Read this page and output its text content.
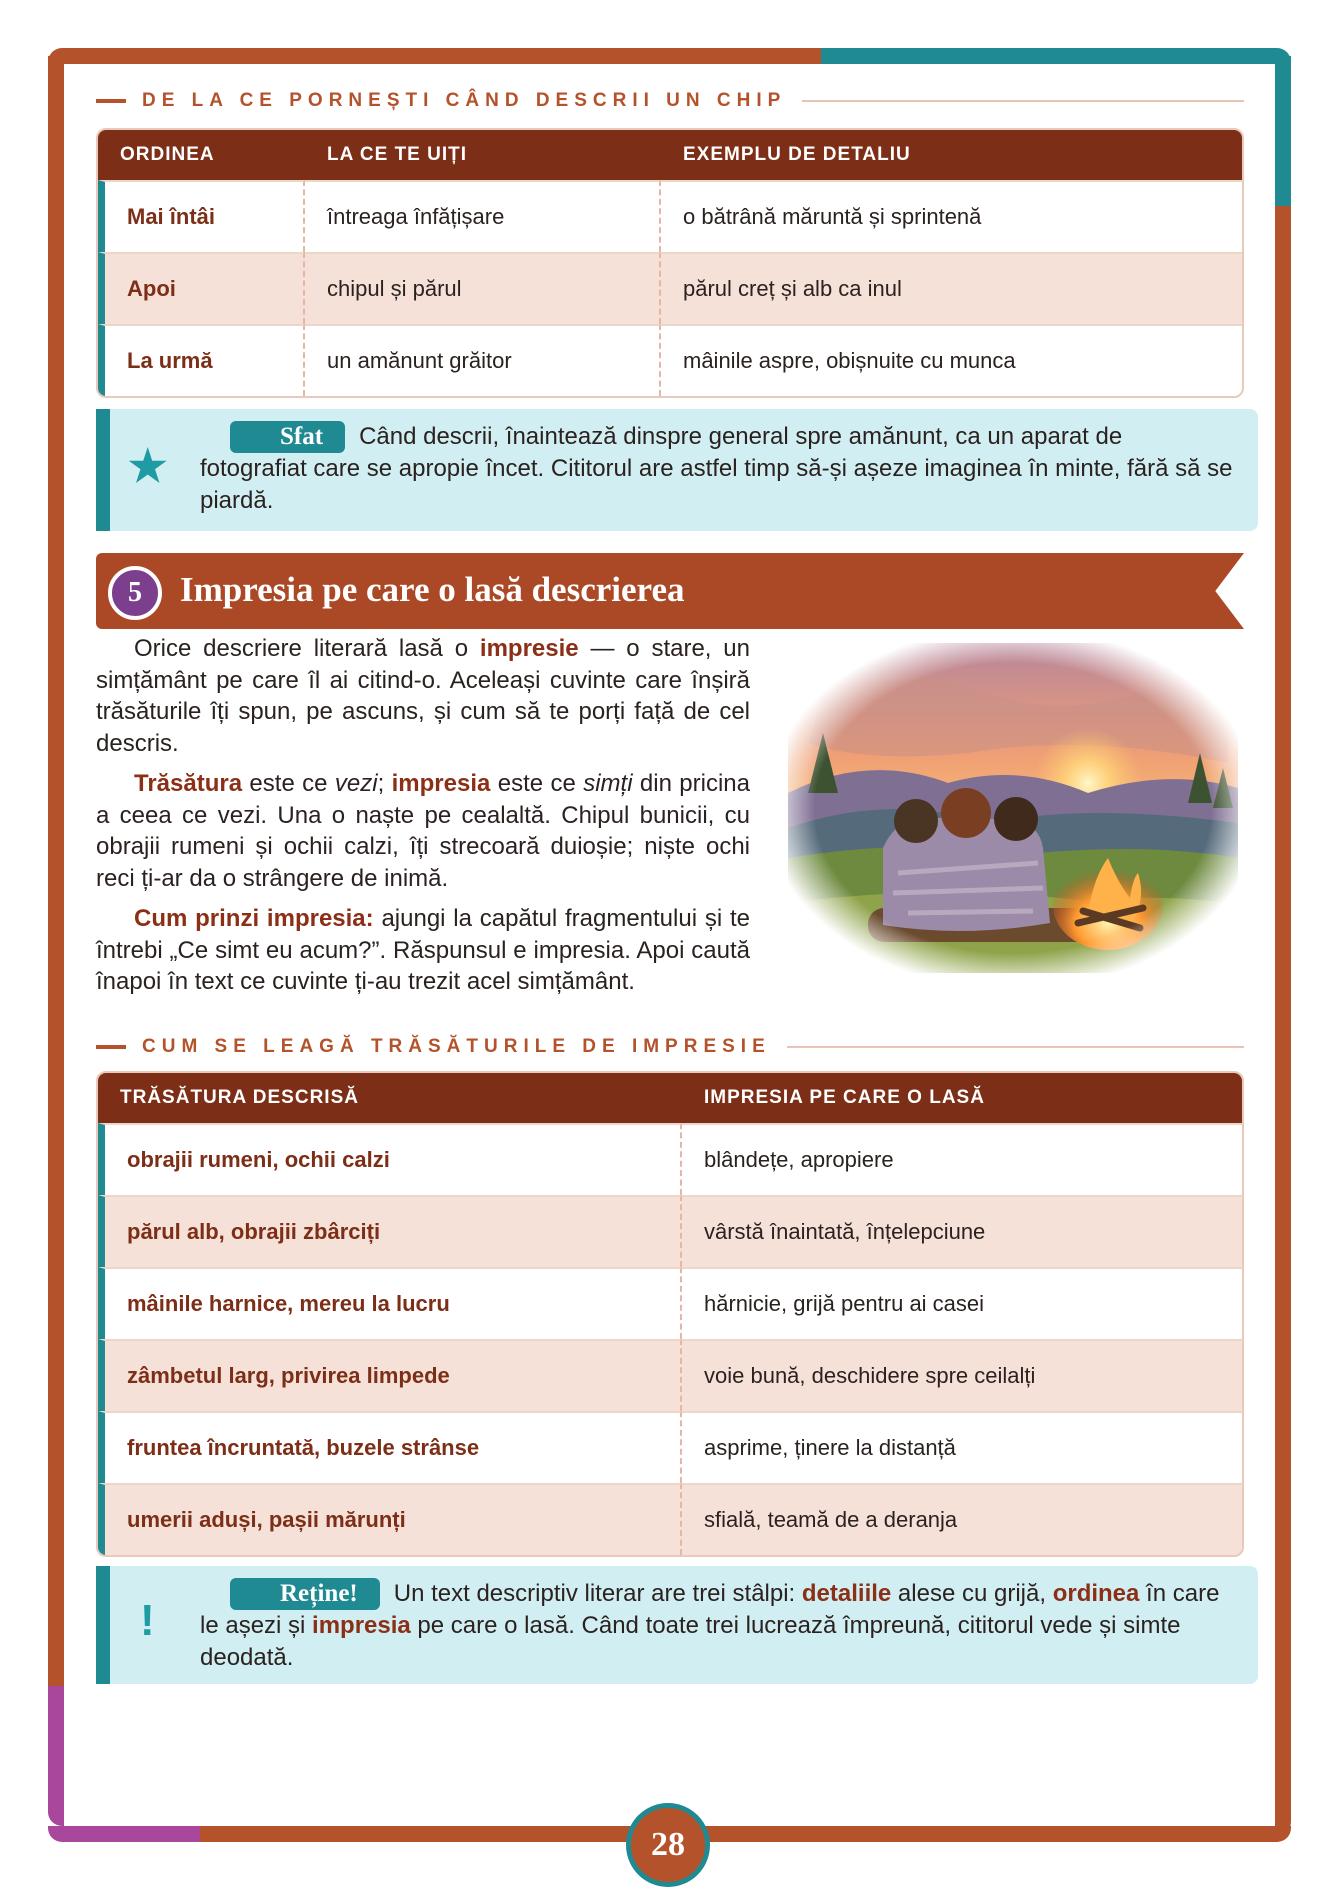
DE LA CE PORNEȘTI CÂND DESCRII UN CHIP
ORDINEA	LA CE TE UIȚI	EXEMPLU DE DETALIU
Mai întâi	întreaga înfățișare	o bătrână măruntă și sprintenă
Apoi	chipul și părul	părul creț și alb ca inul
La urmă	un amănunt grăitor	mâinile aspre, obișnuite cu munca
★
Sfat Când descrii, înaintează dinspre general spre amănunt, ca un aparat de fotografiat care se apropie încet. Cititorul are astfel timp să-și așeze imaginea în minte, fără să se piardă.
5	Impresia pe care o lasă descrierea

Orice descriere literară lasă o impresie — o stare, un simțământ pe care îl ai citind-o. Aceleași cuvinte care înșiră trăsăturile îți spun, pe ascuns, și cum să te porți față de cel descris.

Trăsătura este ce vezi; impresia este ce simți din pricina a ceea ce vezi. Una o naște pe cealaltă. Chipul bunicii, cu obrajii rumeni și ochii calzi, îți strecoară duioșie; niște ochi reci ți-ar da o strângere de inimă.

Cum prinzi impresia: ajungi la capătul fragmentului și te întrebi „Ce simt eu acum?”. Răspunsul e impresia. Apoi caută înapoi în text ce cuvinte ți-au trezit acel simțământ.

CUM SE LEAGĂ TRĂSĂTURILE DE IMPRESIE
TRĂSĂTURA DESCRISĂ	IMPRESIA PE CARE O LASĂ
obrajii rumeni, ochii calzi	blândețe, apropiere
părul alb, obrajii zbârciți	vârstă înaintată, înțelepciune
mâinile harnice, mereu la lucru	hărnicie, grijă pentru ai casei
zâmbetul larg, privirea limpede	voie bună, deschidere spre ceilalți
fruntea încruntată, buzele strânse	asprime, ținere la distanță
umerii aduși, pașii mărunți	sfială, teamă de a deranja
!
Reține! Un text descriptiv literar are trei stâlpi: detaliile alese cu grijă, ordinea în care le așezi și impresia pe care o lasă. Când toate trei lucrează împreună, cititorul vede și simte deodată.
28
